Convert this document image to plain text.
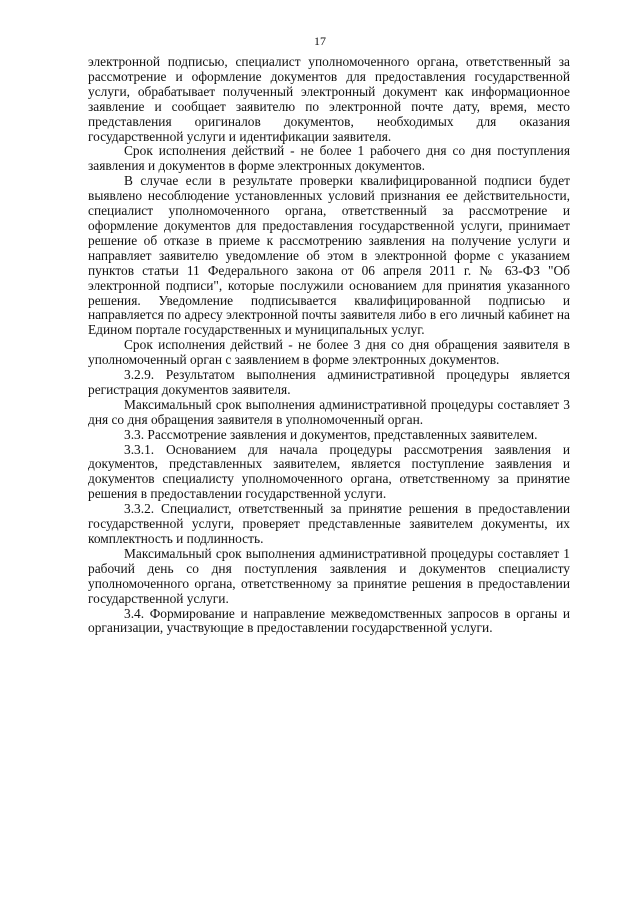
17

электронной подписью, специалист уполномоченного органа, ответственный за рассмотрение и оформление документов для предоставления государственной услуги, обрабатывает полученный электронный документ как информационное заявление и сообщает заявителю по электронной почте дату, время, место представления оригиналов документов, необходимых для оказания государственной услуги и идентификации заявителя.

Срок исполнения действий - не более 1 рабочего дня со дня поступления заявления и документов в форме электронных документов.

В случае если в результате проверки квалифицированной подписи будет выявлено несоблюдение установленных условий признания ее действительности, специалист уполномоченного органа, ответственный за рассмотрение и оформление документов для предоставления государственной услуги, принимает решение об отказе в приеме к рассмотрению заявления на получение услуги и направляет заявителю уведомление об этом в электронной форме с указанием пунктов статьи 11 Федерального закона от 06 апреля 2011 г. № 63-ФЗ "Об электронной подписи", которые послужили основанием для принятия указанного решения. Уведомление подписывается квалифицированной подписью и направляется по адресу электронной почты заявителя либо в его личный кабинет на Едином портале государственных и муниципальных услуг.

Срок исполнения действий - не более 3 дня со дня обращения заявителя в уполномоченный орган с заявлением в форме электронных документов.

3.2.9. Результатом выполнения административной процедуры является регистрация документов заявителя.

Максимальный срок выполнения административной процедуры составляет 3 дня со дня обращения заявителя в уполномоченный орган.

3.3. Рассмотрение заявления и документов, представленных заявителем.

3.3.1. Основанием для начала процедуры рассмотрения заявления и документов, представленных заявителем, является поступление заявления и документов специалисту уполномоченного органа, ответственному за принятие решения в предоставлении государственной услуги.

3.3.2. Специалист, ответственный за принятие решения в предоставлении государственной услуги, проверяет представленные заявителем документы, их комплектность и подлинность.

Максимальный срок выполнения административной процедуры составляет 1 рабочий день со дня поступления заявления и документов специалисту уполномоченного органа, ответственному за принятие решения в предоставлении государственной услуги.

3.4. Формирование и направление межведомственных запросов в органы и организации, участвующие в предоставлении государственной услуги.
